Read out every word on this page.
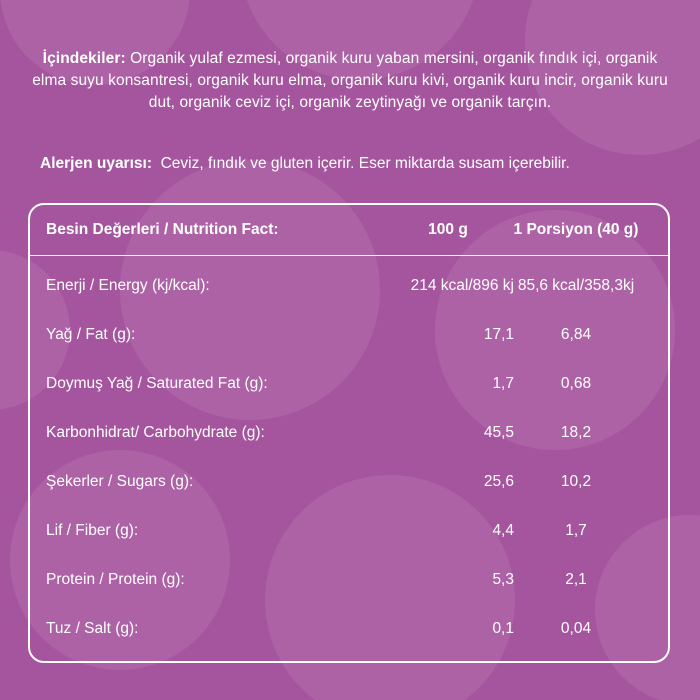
İçindekiler: Organik yulaf ezmesi, organik kuru yaban mersini, organik fındık içi, organik elma suyu konsantresi, organik kuru elma, organik kuru kivi, organik kuru incir, organik kuru dut, organik ceviz içi, organik zeytinyağı ve organik tarçın.
Alerjen uyarısı:  Ceviz, fındık ve gluten içerir. Eser miktarda susam içerebilir.
Besin Değerleri / Nutrition Fact:	100 g	1 Porsiyon (40 g)
Enerji / Energy (kj/kcal):	214 kcal/896 kj 85,6 kcal/358,3kj
Yağ / Fat (g):	17,1	6,84
Doymuş Yağ / Saturated Fat (g):	1,7	0,68
Karbonhidrat/ Carbohydrate (g):	45,5	18,2
Şekerler / Sugars (g):	25,6	10,2
Lif / Fiber (g):	4,4	1,7
Protein / Protein (g):	5,3	2,1
Tuz / Salt (g):	0,1	0,04
